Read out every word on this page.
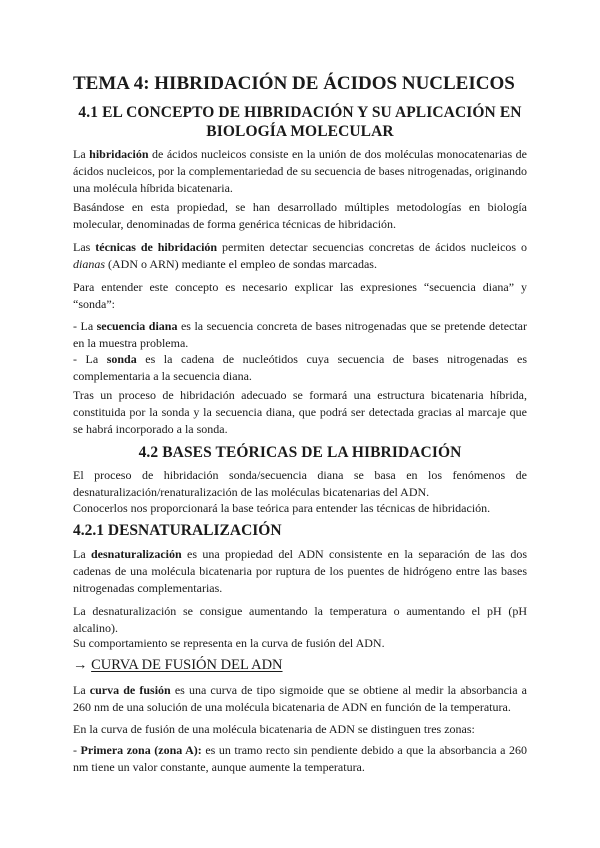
TEMA 4: HIBRIDACIÓN DE ÁCIDOS NUCLEICOS
4.1 EL CONCEPTO DE HIBRIDACIÓN Y SU APLICACIÓN EN BIOLOGÍA MOLECULAR

La hibridación de ácidos nucleicos consiste en la unión de dos moléculas monocatenarias de ácidos nucleicos, por la complementariedad de su secuencia de bases nitrogenadas, originando una molécula híbrida bicatenaria.

Basándose en esta propiedad, se han desarrollado múltiples metodologías en biología molecular, denominadas de forma genérica técnicas de hibridación.

Las técnicas de hibridación permiten detectar secuencias concretas de ácidos nucleicos o dianas (ADN o ARN) mediante el empleo de sondas marcadas.

Para entender este concepto es necesario explicar las expresiones “secuencia diana” y “sonda”:

- La secuencia diana es la secuencia concreta de bases nitrogenadas que se pretende detectar en la muestra problema.

- La sonda es la cadena de nucleótidos cuya secuencia de bases nitrogenadas es complementaria a la secuencia diana.

Tras un proceso de hibridación adecuado se formará una estructura bicatenaria híbrida, constituida por la sonda y la secuencia diana, que podrá ser detectada gracias al marcaje que se habrá incorporado a la sonda.

4.2 BASES TEÓRICAS DE LA HIBRIDACIÓN

El proceso de hibridación sonda/secuencia diana se basa en los fenómenos de desnaturalización/renaturalización de las moléculas bicatenarias del ADN.

Conocerlos nos proporcionará la base teórica para entender las técnicas de hibridación.

4.2.1 DESNATURALIZACIÓN

La desnaturalización es una propiedad del ADN consistente en la separación de las dos cadenas de una molécula bicatenaria por ruptura de los puentes de hidrógeno entre las bases nitrogenadas complementarias.

La desnaturalización se consigue aumentando la temperatura o aumentando el pH (pH alcalino).

Su comportamiento se representa en la curva de fusión del ADN.

→ CURVA DE FUSIÓN DEL ADN

La curva de fusión es una curva de tipo sigmoide que se obtiene al medir la absorbancia a 260 nm de una solución de una molécula bicatenaria de ADN en función de la temperatura.

En la curva de fusión de una molécula bicatenaria de ADN se distinguen tres zonas:

- Primera zona (zona A): es un tramo recto sin pendiente debido a que la absorbancia a 260 nm tiene un valor constante, aunque aumente la temperatura.
